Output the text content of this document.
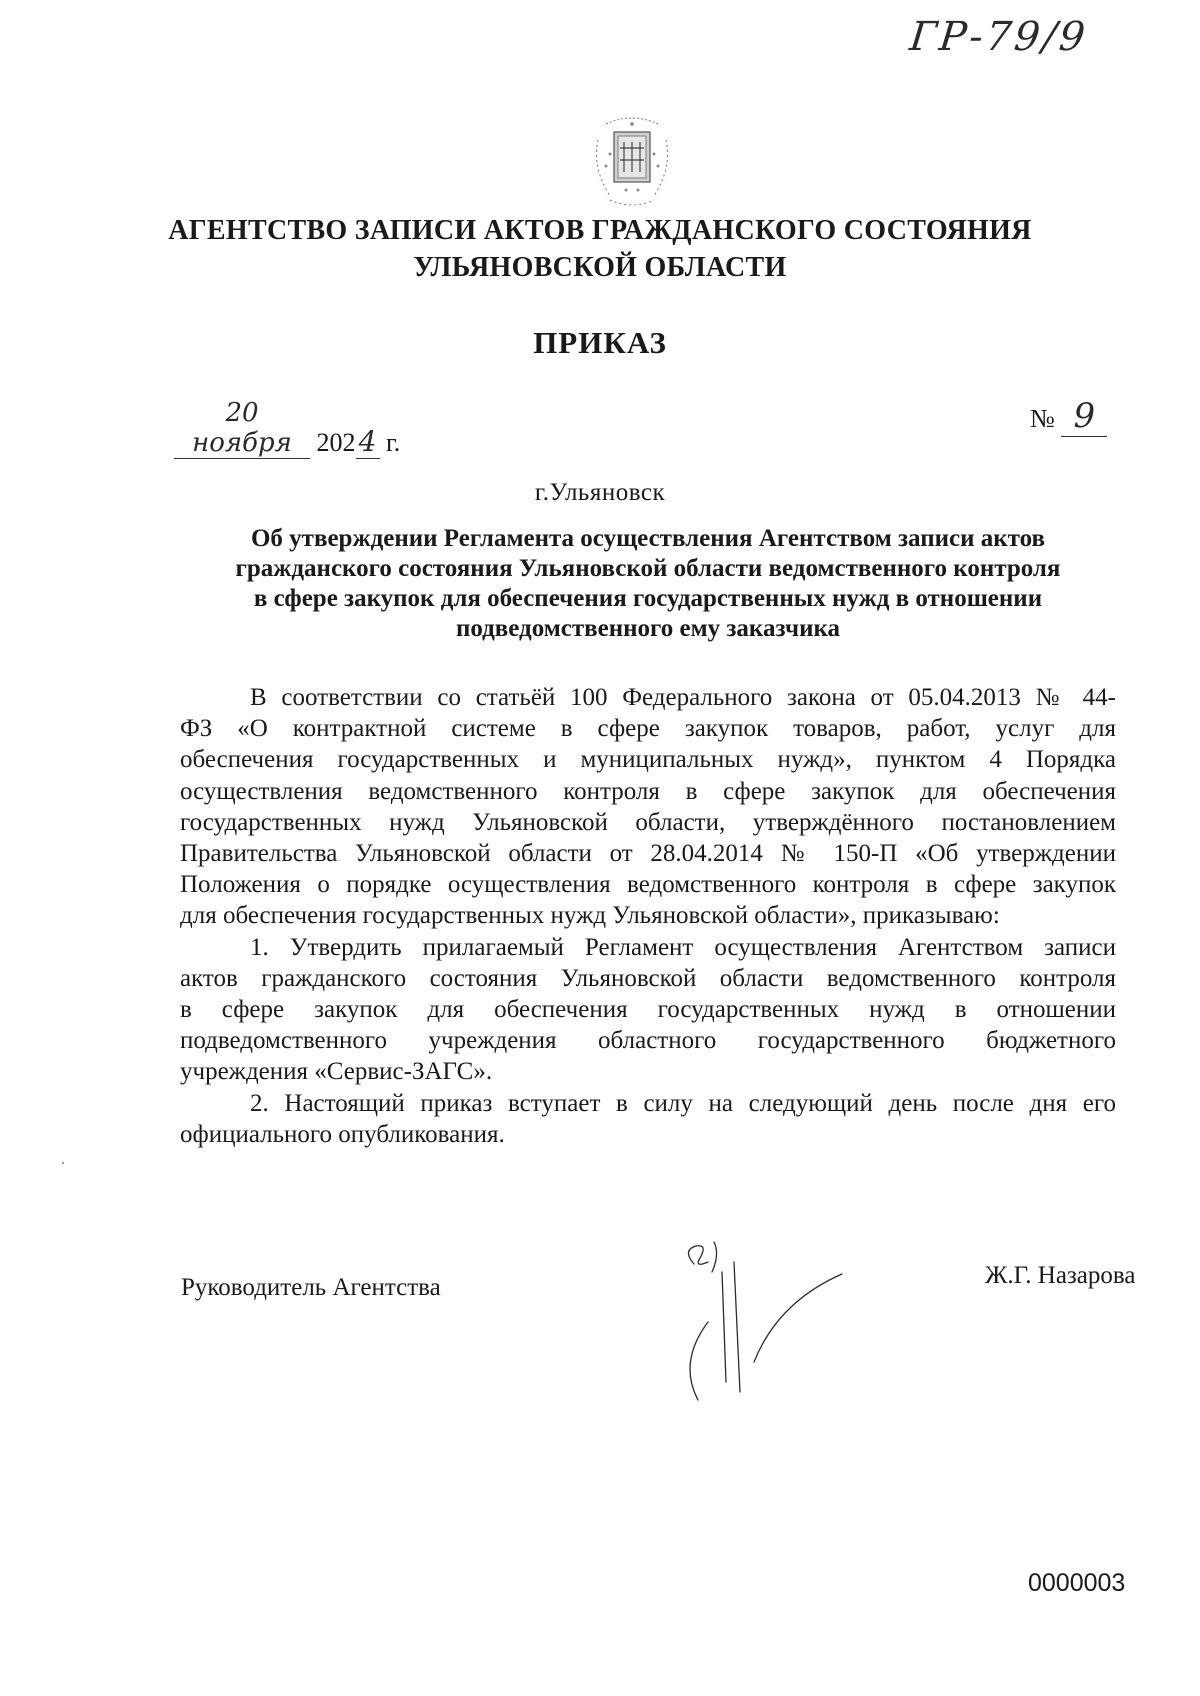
ГР-79/9
АГЕНТСТВО ЗАПИСИ АКТОВ ГРАЖДАНСКОГО СОСТОЯНИЯ
УЛЬЯНОВСКОЙ ОБЛАСТИ
ПРИКАЗ
20 ноября 202 4 г.
№ 9
г.Ульяновск
Об утверждении Регламента осуществления Агентством записи актов
гражданского состояния Ульяновской области ведомственного контроля
в сфере закупок для обеспечения государственных нужд в отношении
подведомственного ему заказчика
В соответствии со статьёй 100 Федерального закона от 05.04.2013 № 44-
ФЗ «О контрактной системе в сфере закупок товаров, работ, услуг для
обеспечения государственных и муниципальных нужд», пунктом 4 Порядка
осуществления ведомственного контроля в сфере закупок для обеспечения
государственных нужд Ульяновской области, утверждённого постановлением
Правительства Ульяновской области от 28.04.2014 № 150-П «Об утверждении
Положения о порядке осуществления ведомственного контроля в сфере закупок
для обеспечения государственных нужд Ульяновской области», приказываю:
1. Утвердить прилагаемый Регламент осуществления Агентством записи
актов гражданского состояния Ульяновской области ведомственного контроля
в сфере закупок для обеспечения государственных нужд в отношении
подведомственного учреждения областного государственного бюджетного
учреждения «Сервис-ЗАГС».
2. Настоящий приказ вступает в силу на следующий день после дня его
официального опубликования.
Руководитель Агентства	Ж.Г. Назарова
0000003
